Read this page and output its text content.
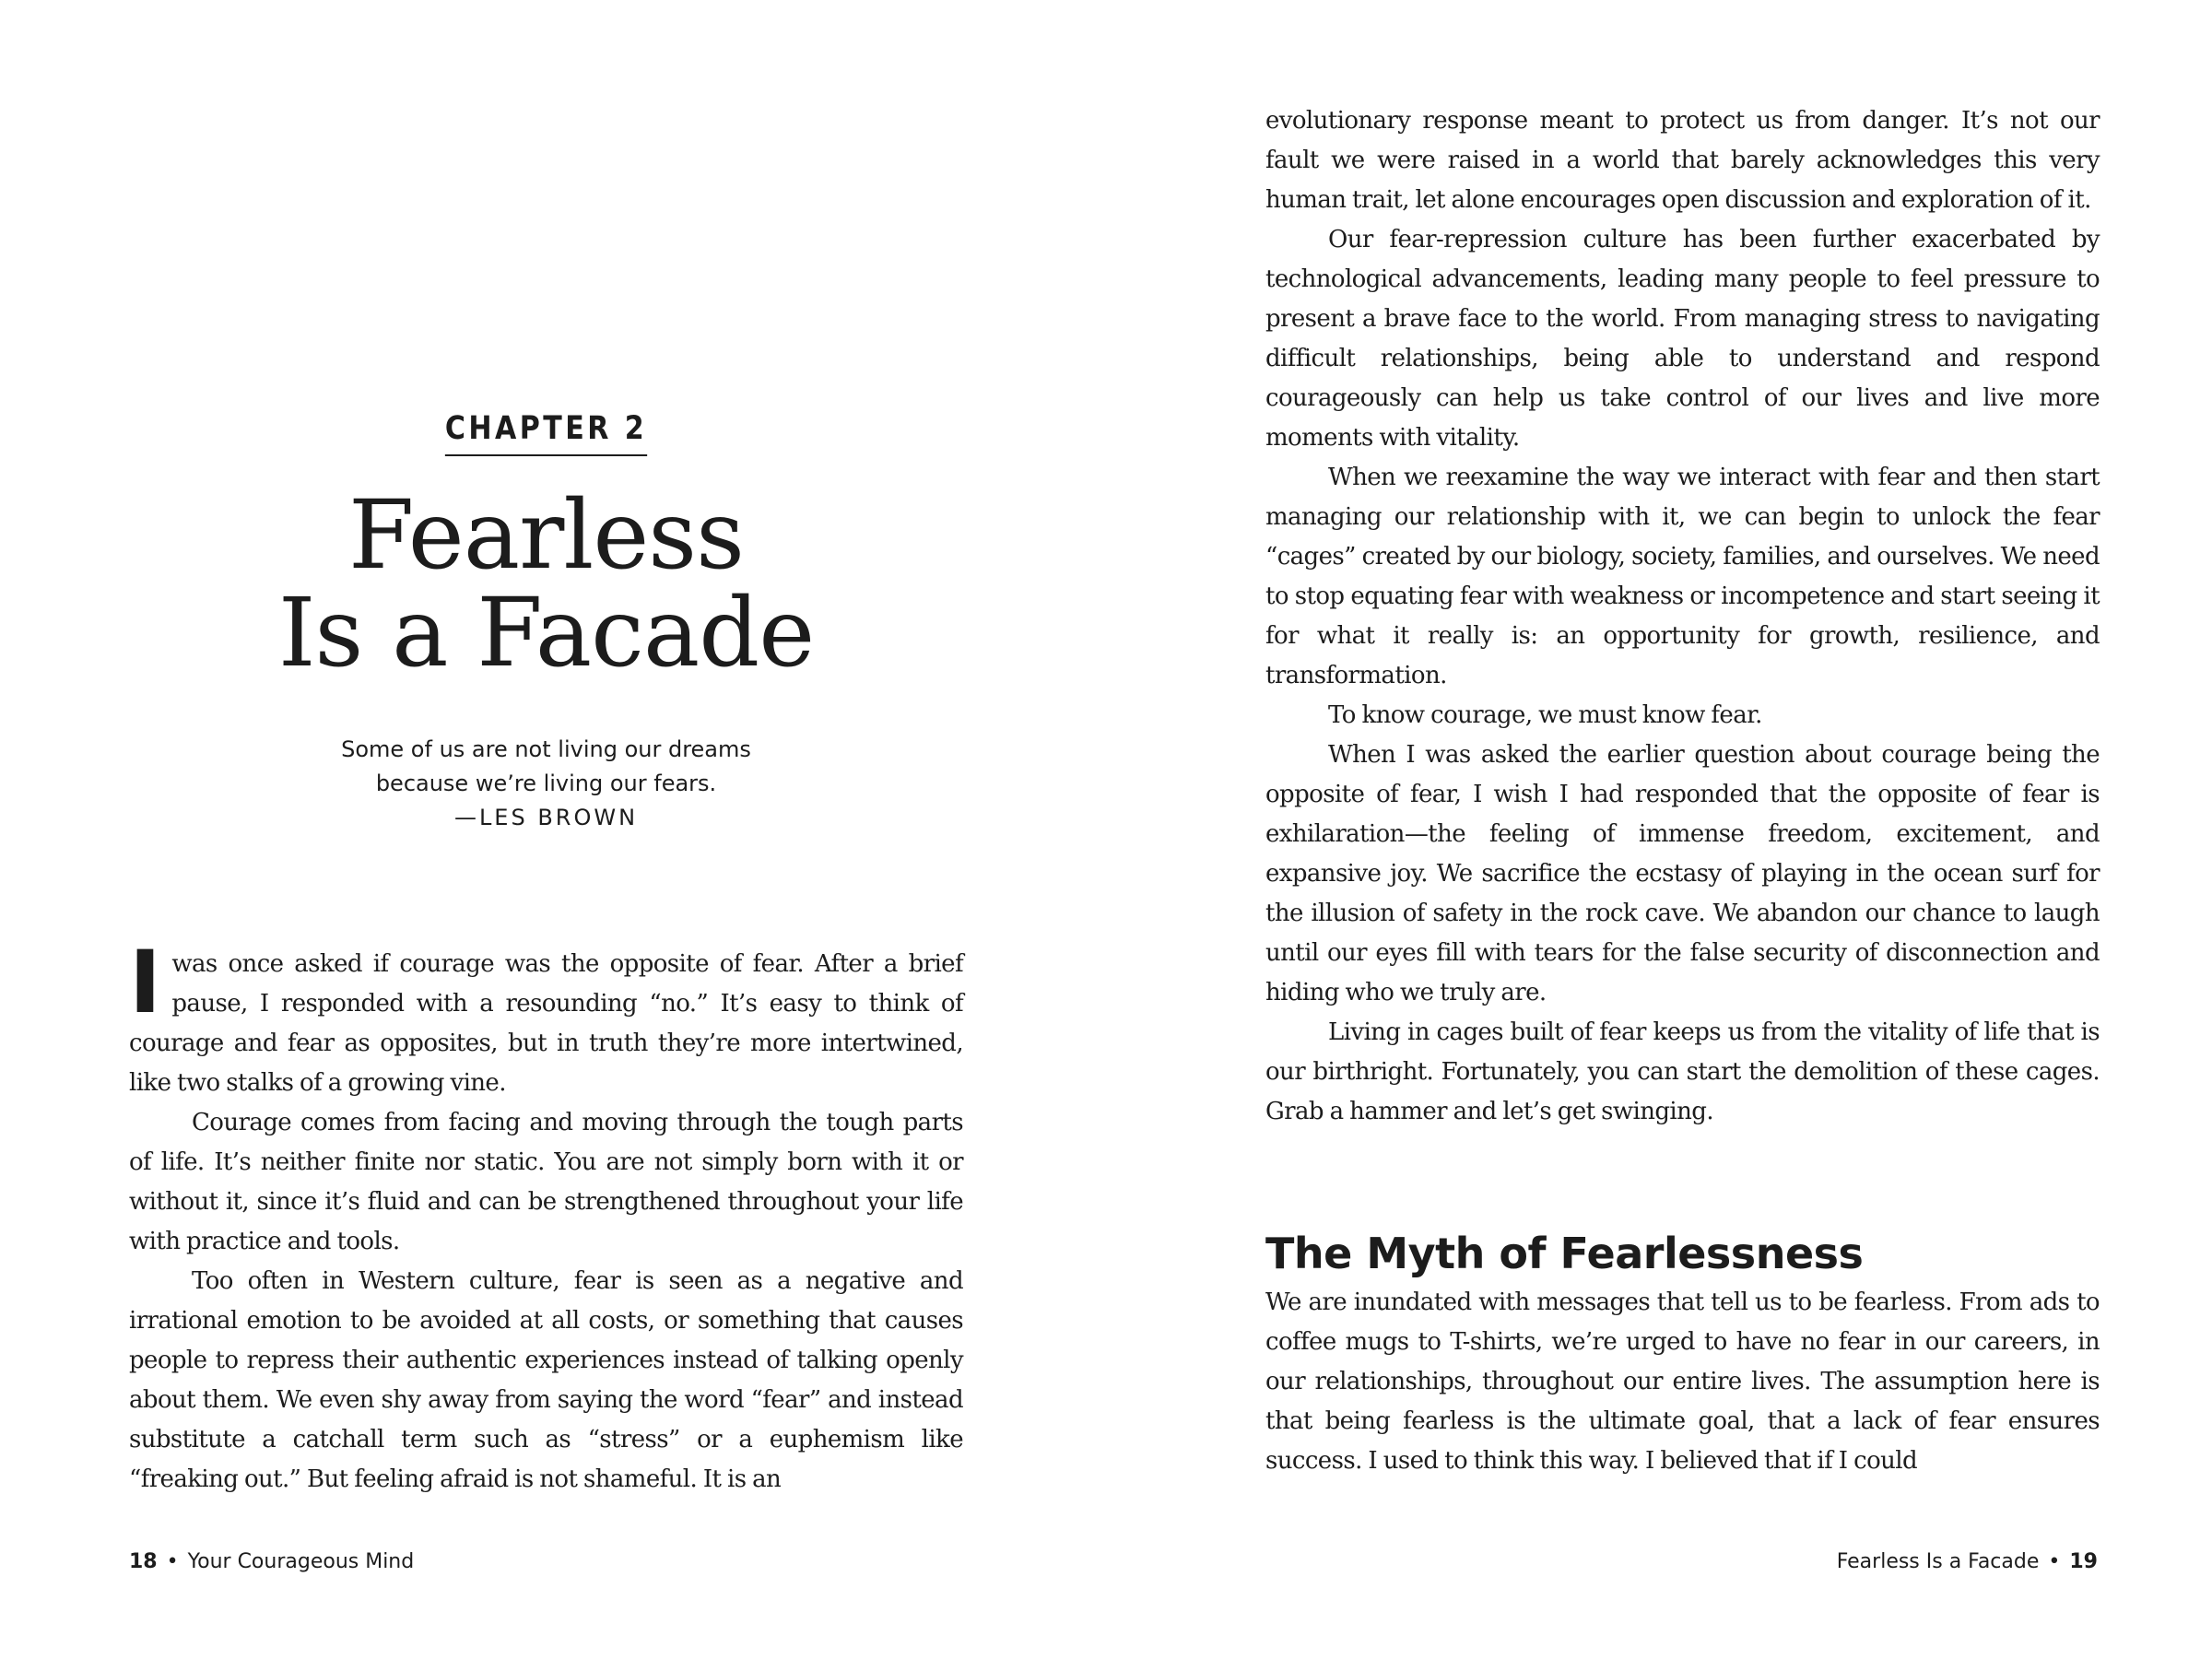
CHAPTER 2
Fearless
Is a Facade
Some of us are not living our dreams
because we’re living our fears.
—LES BROWN

Iwas once asked if courage was the opposite of fear. After a brief pause, I responded with a resounding “no.” It’s easy to think of courage and fear as opposites, but in truth they’re more intertwined, like two stalks of a growing vine.

Courage comes from facing and moving through the tough parts of life. It’s neither finite nor static. You are not simply born with it or without it, since it’s fluid and can be strengthened throughout your life with practice and tools.

Too often in Western culture, fear is seen as a negative and irrational emotion to be avoided at all costs, or something that causes people to repress their authentic experiences instead of talking openly about them. We even shy away from saying the word “fear” and instead substitute a catchall term such as “stress” or a euphemism like “freaking out.” But feeling afraid is not shameful. It is an

18 • Your Courageous Mind

evolutionary response meant to protect us from danger. It’s not our fault we were raised in a world that barely acknowledges this very human trait, let alone encourages open discussion and exploration of it.

Our fear-repression culture has been further exacerbated by technological advancements, leading many people to feel pressure to present a brave face to the world. From managing stress to navigating difficult relationships, being able to understand and respond courageously can help us take control of our lives and live more moments with vitality.

When we reexamine the way we interact with fear and then start managing our relationship with it, we can begin to unlock the fear “cages” created by our biology, society, families, and ourselves. We need to stop equating fear with weakness or incompetence and start seeing it for what it really is: an opportunity for growth, resilience, and transformation.

To know courage, we must know fear.

When I was asked the earlier question about courage being the opposite of fear, I wish I had responded that the opposite of fear is exhilaration—the feeling of immense freedom, excitement, and expansive joy. We sacrifice the ecstasy of playing in the ocean surf for the illusion of safety in the rock cave. We abandon our chance to laugh until our eyes fill with tears for the false security of disconnection and hiding who we truly are.

Living in cages built of fear keeps us from the vitality of life that is our birthright. Fortunately, you can start the demolition of these cages. Grab a hammer and let’s get swinging.

The Myth of Fearlessness

We are inundated with messages that tell us to be fearless. From ads to coffee mugs to T-shirts, we’re urged to have no fear in our careers, in our relationships, throughout our entire lives. The assumption here is that being fearless is the ultimate goal, that a lack of fear ensures success. I used to think this way. I believed that if I could

Fearless Is a Facade • 19
